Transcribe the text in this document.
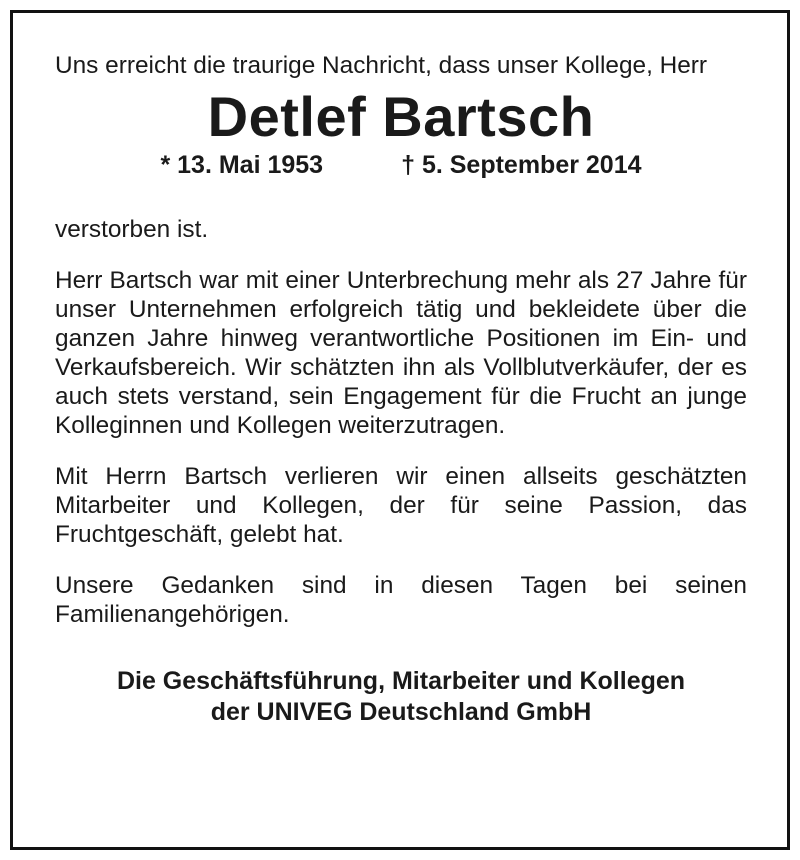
Uns erreicht die traurige Nachricht, dass unser Kollege, Herr

Detlef Bartsch
* 13. Mai 1953	† 5. September 2014

verstorben ist.

Herr Bartsch war mit einer Unterbrechung mehr als 27 Jahre für unser Unternehmen erfolgreich tätig und bekleidete über die ganzen Jahre hinweg verantwortliche Positionen im Ein- und Verkaufsbereich. Wir schätzten ihn als Vollblutverkäufer, der es auch stets verstand, sein Engagement für die Frucht an junge Kolleginnen und Kollegen weiterzutragen.

Mit Herrn Bartsch verlieren wir einen allseits geschätzten Mitarbeiter und Kollegen, der für seine Passion, das Fruchtgeschäft, gelebt hat.

Unsere Gedanken sind in diesen Tagen bei seinen Familienangehörigen.

Die Geschäftsführung, Mitarbeiter und Kollegen
der UNIVEG Deutschland GmbH
